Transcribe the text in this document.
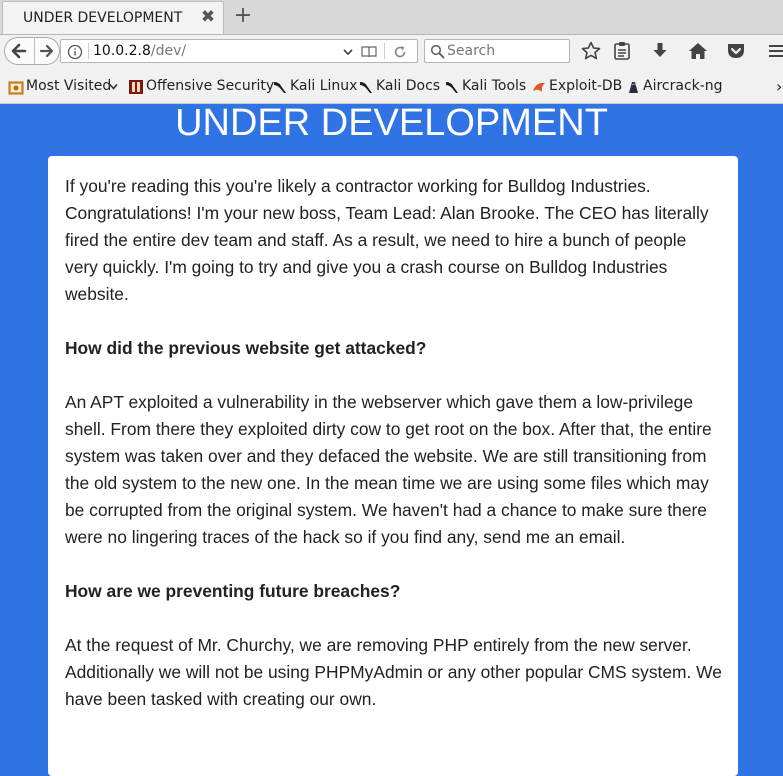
UNDER DEVELOPMENT ✖ +
10.0.2.8/dev/
Search
Most Visited Offensive Security Kali Linux Kali Docs Kali Tools Exploit-DB Aircrack-ng	›
UNDER DEVELOPMENT

If you're reading this you're likely a contractor working for Bulldog Industries. Congratulations! I'm your new boss, Team Lead: Alan Brooke. The CEO has literally fired the entire dev team and staff. As a result, we need to hire a bunch of people very quickly. I'm going to try and give you a crash course on Bulldog Industries website.

How did the previous website get attacked?

An APT exploited a vulnerability in the webserver which gave them a low-privilege shell. From there they exploited dirty cow to get root on the box. After that, the entire system was taken over and they defaced the website. We are still transitioning from the old system to the new one. In the mean time we are using some files which may be corrupted from the original system. We haven't had a chance to make sure there were no lingering traces of the hack so if you find any, send me an email.

How are we preventing future breaches?

At the request of Mr. Churchy, we are removing PHP entirely from the new server. Additionally we will not be using PHPMyAdmin or any other popular CMS system. We have been tasked with creating our own.
